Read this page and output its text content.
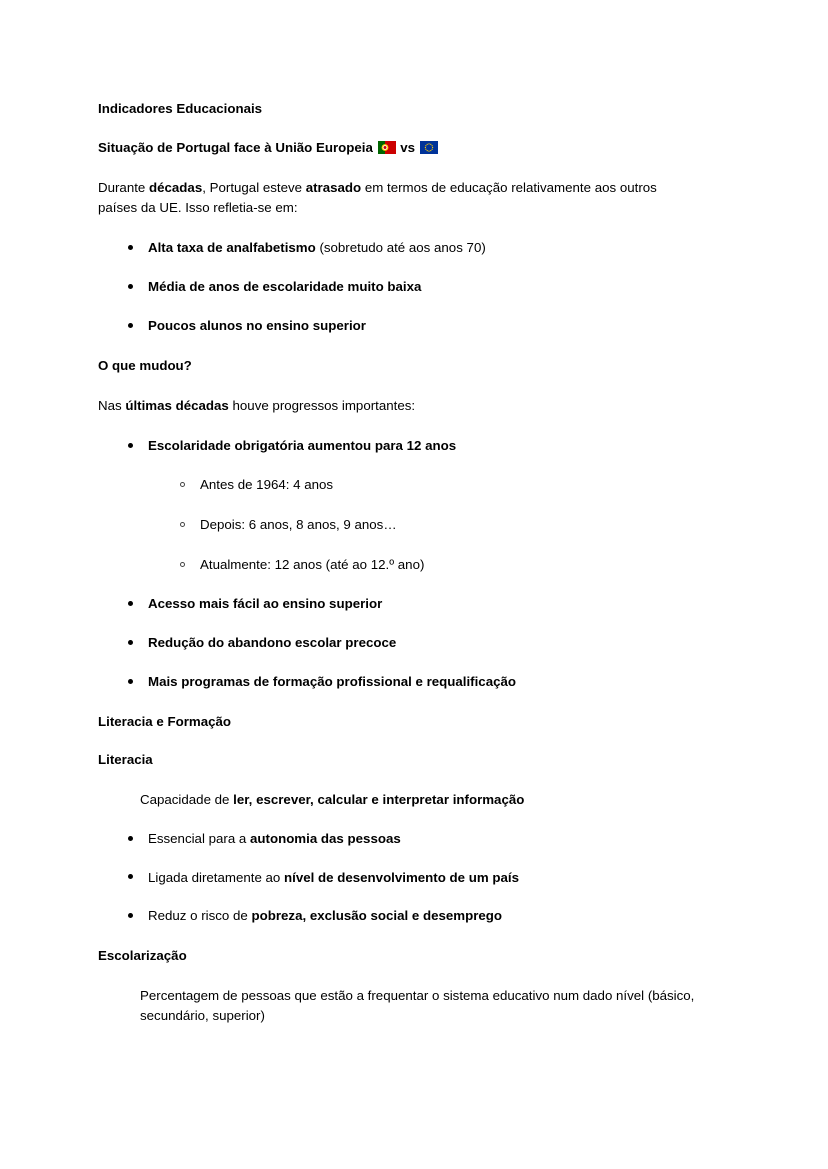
Indicadores Educacionais
Situação de Portugal face à União Europeia
vs
Durante décadas, Portugal esteve atrasado em termos de educação relativamente aos outros países da UE. Isso refletia-se em:
Alta taxa de analfabetismo (sobretudo até aos anos 70)
Média de anos de escolaridade muito baixa
Poucos alunos no ensino superior
O que mudou?
Nas últimas décadas houve progressos importantes:
Escolaridade obrigatória aumentou para 12 anos
Antes de 1964: 4 anos
Depois: 6 anos, 8 anos, 9 anos…
Atualmente: 12 anos (até ao 12.º ano)
Acesso mais fácil ao ensino superior
Redução do abandono escolar precoce
Mais programas de formação profissional e requalificação
Literacia e Formação
Literacia
Capacidade de ler, escrever, calcular e interpretar informação
Essencial para a autonomia das pessoas
Ligada diretamente ao nível de desenvolvimento de um país
Reduz o risco de pobreza, exclusão social e desemprego
Escolarização
Percentagem de pessoas que estão a frequentar o sistema educativo num dado nível (básico, secundário, superior)
